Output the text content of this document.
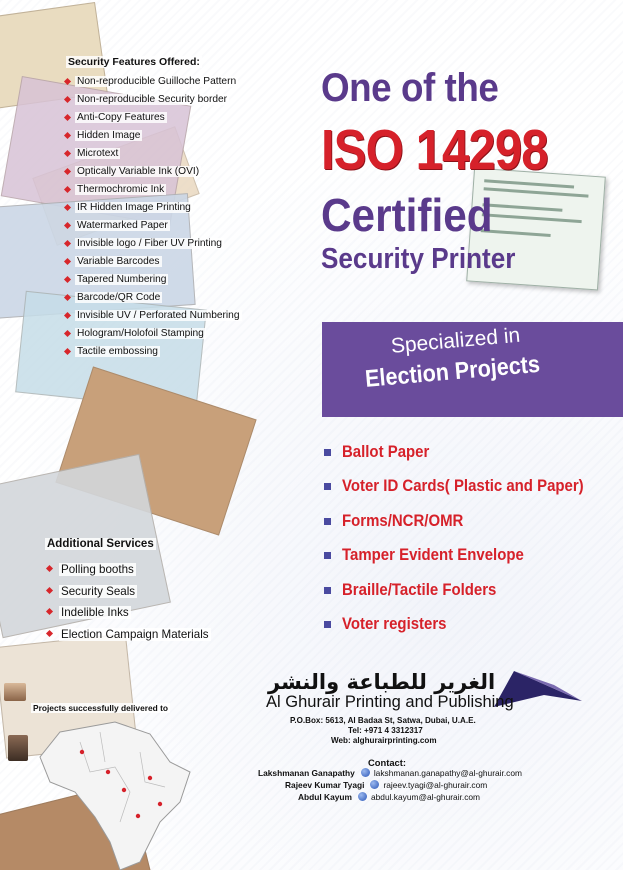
Security Features Offered:
Non-reproducible Guilloche Pattern
Non-reproducible Security border
Anti-Copy Features
Hidden Image
Microtext
Optically Variable Ink (OVI)
Thermochromic Ink
IR Hidden Image Printing
Watermarked Paper
Invisible logo / Fiber UV Printing
Variable Barcodes
Tapered Numbering
Barcode/QR Code
Invisible UV / Perforated Numbering
Hologram/Holofoil Stamping
Tactile embossing
Additional Services
Polling booths
Security Seals
Indelible Inks
Election Campaign Materials
One of the
ISO 14298
Certified
Security Printer
Specialized in
Election Projects
Ballot Paper
Voter ID Cards( Plastic and Paper)
Forms/NCR/OMR
Tamper Evident Envelope
Braille/Tactile Folders
Voter registers
الغرير للطباعة والنشر
Al Ghurair Printing and Publishing
P.O.Box: 5613, Al Badaa St, Satwa, Dubai, U.A.E.
Tel: +971 4 3312317
Web: alghurairprinting.com
Contact:
Lakshmanan Ganapathy lakshmanan.ganapathy@al-ghurair.com
Rajeev Kumar Tyagi rajeev.tyagi@al-ghurair.com
Abdul Kayum abdul.kayum@al-ghurair.com
Projects successfully delivered to
